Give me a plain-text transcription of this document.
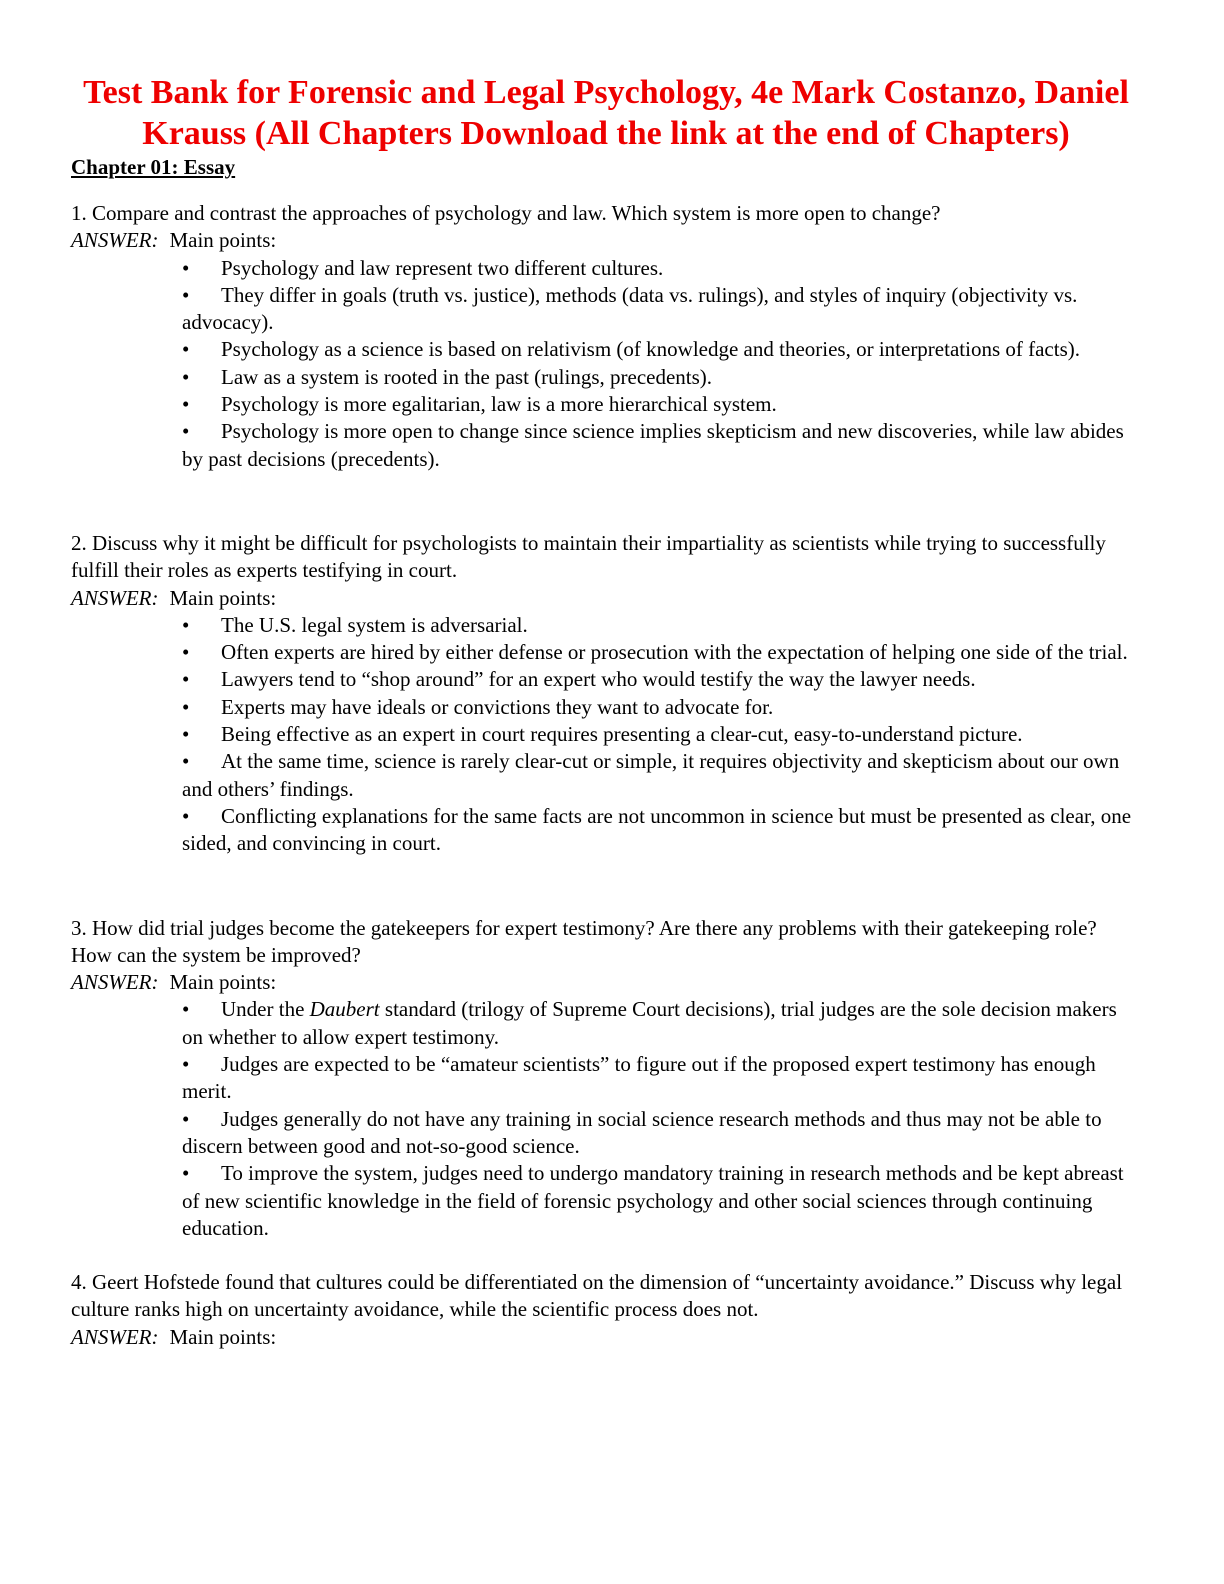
Test Bank for Forensic and Legal Psychology, 4e Mark Costanzo, Daniel Krauss (All Chapters Download the link at the end of Chapters)

Chapter 01: Essay

1. Compare and contrast the approaches of psychology and law. Which system is more open to change?

ANSWER: Main points:

• Psychology and law represent two different cultures.
• They differ in goals (truth vs. justice), methods (data vs. rulings), and styles of inquiry (objectivity vs. advocacy).
• Psychology as a science is based on relativism (of knowledge and theories, or interpretations of facts).
• Law as a system is rooted in the past (rulings, precedents).
• Psychology is more egalitarian, law is a more hierarchical system.
• Psychology is more open to change since science implies skepticism and new discoveries, while law abides by past decisions (precedents).

2. Discuss why it might be difficult for psychologists to maintain their impartiality as scientists while trying to successfully fulfill their roles as experts testifying in court.

ANSWER: Main points:

• The U.S. legal system is adversarial.
• Often experts are hired by either defense or prosecution with the expectation of helping one side of the trial.
• Lawyers tend to “shop around” for an expert who would testify the way the lawyer needs.
• Experts may have ideals or convictions they want to advocate for.
• Being effective as an expert in court requires presenting a clear-cut, easy-to-understand picture.
• At the same time, science is rarely clear-cut or simple, it requires objectivity and skepticism about our own and others’ findings.
• Conflicting explanations for the same facts are not uncommon in science but must be presented as clear, one sided, and convincing in court.

3. How did trial judges become the gatekeepers for expert testimony? Are there any problems with their gatekeeping role? How can the system be improved?

ANSWER: Main points:

• Under the Daubert standard (trilogy of Supreme Court decisions), trial judges are the sole decision makers on whether to allow expert testimony.
• Judges are expected to be “amateur scientists” to figure out if the proposed expert testimony has enough merit.
• Judges generally do not have any training in social science research methods and thus may not be able to discern between good and not-so-good science.
• To improve the system, judges need to undergo mandatory training in research methods and be kept abreast of new scientific knowledge in the field of forensic psychology and other social sciences through continuing education.

4. Geert Hofstede found that cultures could be differentiated on the dimension of “uncertainty avoidance.” Discuss why legal culture ranks high on uncertainty avoidance, while the scientific process does not.

ANSWER: Main points:
